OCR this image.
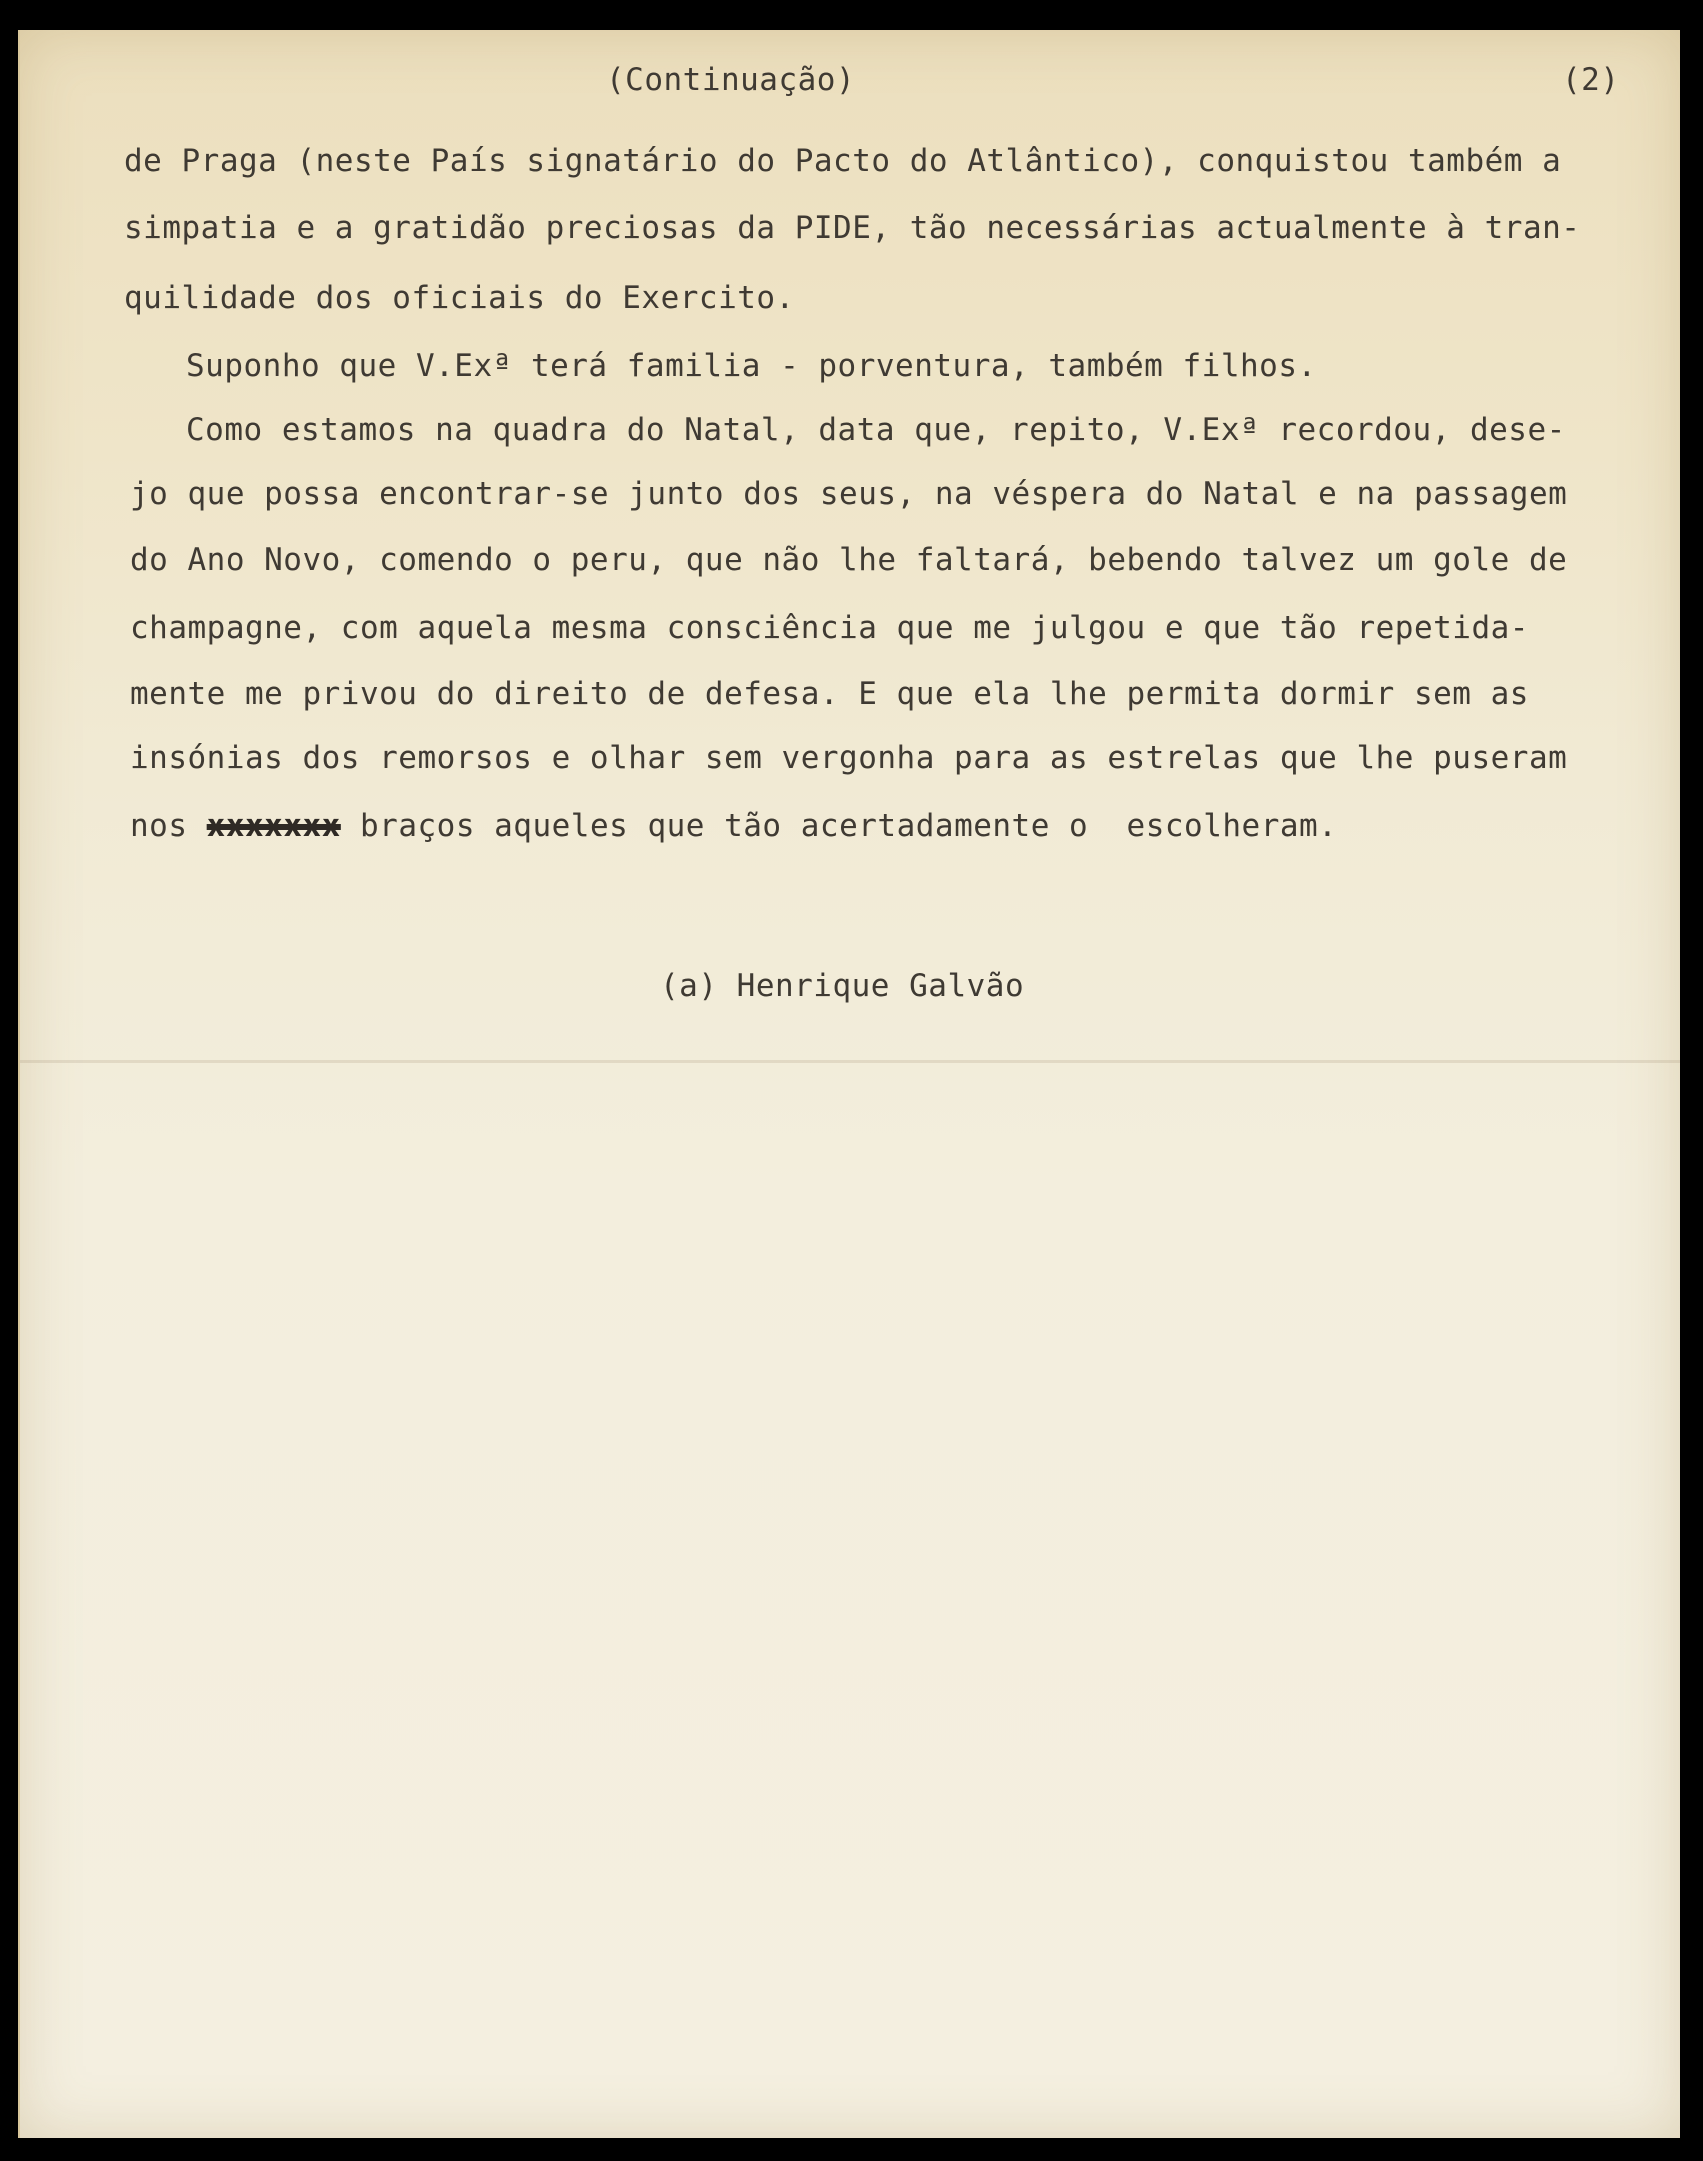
(Continuação)	(2)
de Praga (neste País signatário do Pacto do Atlântico), conquistou também a
simpatia e a gratidão preciosas da PIDE, tão necessárias actualmente à tran-
quilidade dos oficiais do Exercito.
Suponho que V.Exª terá familia - porventura, também filhos.
Como estamos na quadra do Natal, data que, repito, V.Exª recordou, dese-
jo que possa encontrar-se junto dos seus, na véspera do Natal e na passagem
do Ano Novo, comendo o peru, que não lhe faltará, bebendo talvez um gole de
champagne, com aquela mesma consciência que me julgou e que tão repetida-
mente me privou do direito de defesa. E que ela lhe permita dormir sem as
insónias dos remorsos e olhar sem vergonha para as estrelas que lhe puseram
nos xxxxxxx braços aqueles que tão acertadamente o  escolheram.
(a) Henrique Galvão
